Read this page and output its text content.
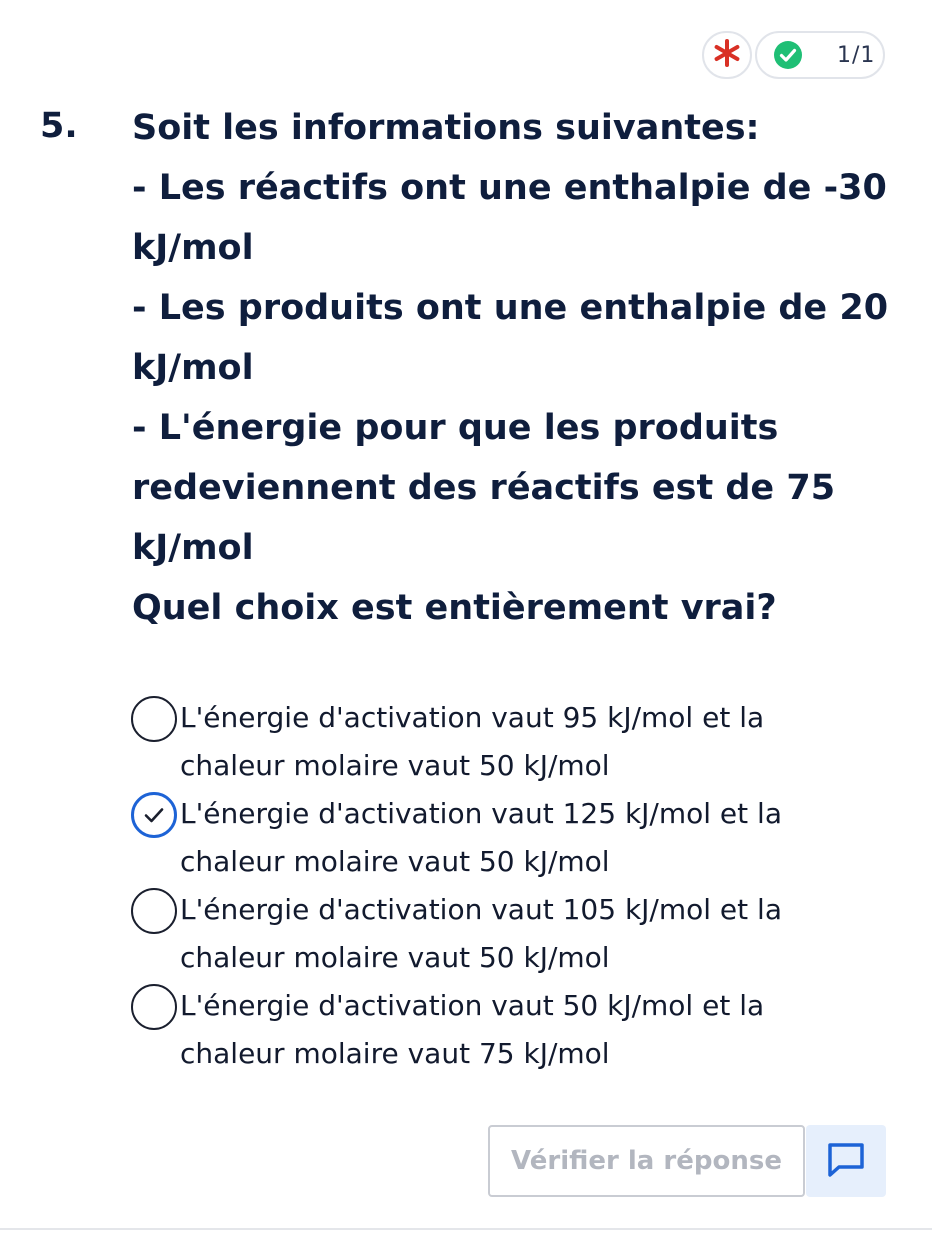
1/1
5. Soit les informations suivantes:
- Les réactifs ont une enthalpie de -30
kJ/mol
- Les produits ont une enthalpie de 20
kJ/mol
- L'énergie pour que les produits
redeviennent des réactifs est de 75
kJ/mol
Quel choix est entièrement vrai?
L'énergie d'activation vaut 95 kJ/mol et la
chaleur molaire vaut 50 kJ/mol
L'énergie d'activation vaut 125 kJ/mol et la
chaleur molaire vaut 50 kJ/mol
L'énergie d'activation vaut 105 kJ/mol et la
chaleur molaire vaut 50 kJ/mol
L'énergie d'activation vaut 50 kJ/mol et la
chaleur molaire vaut 75 kJ/mol
Vérifier la réponse
